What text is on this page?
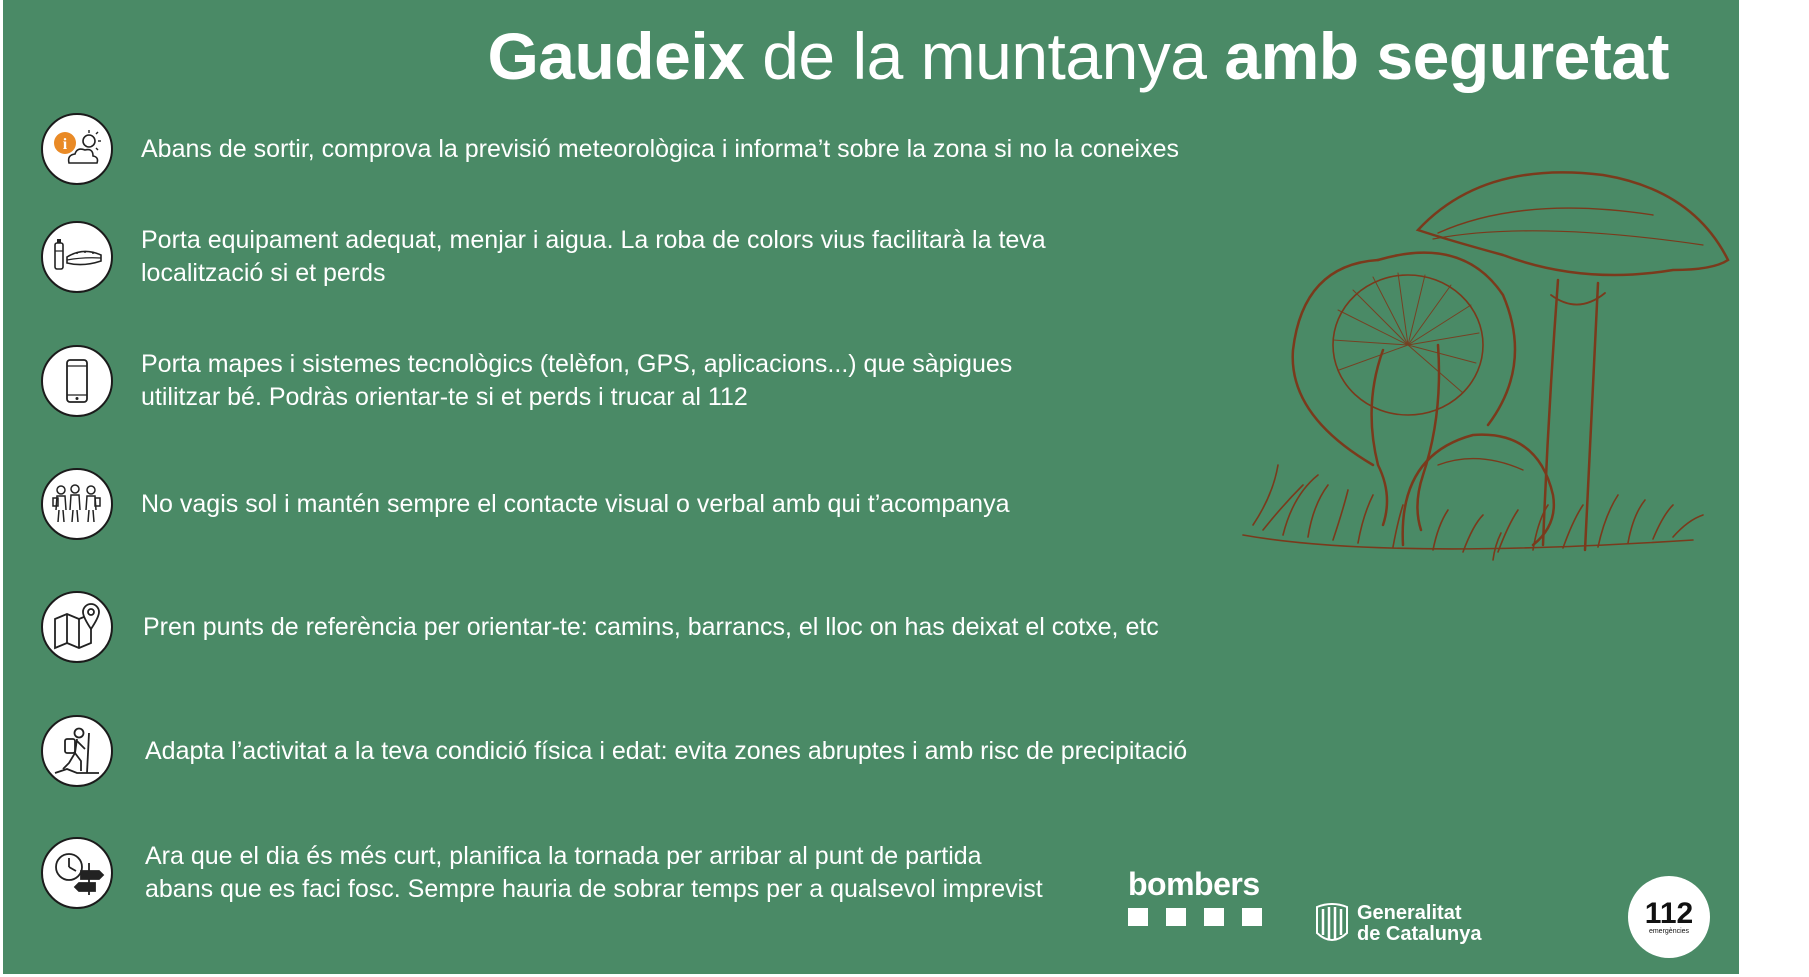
Gaudeix de la muntanya amb seguretat
i	Abans de sortir, comprova la previsió meteorològica i informa’t sobre la zona si no la coneixes
Porta equipament adequat, menjar i aigua. La roba de colors vius facilitarà la teva
localització si et perds
Porta mapes i sistemes tecnològics (telèfon, GPS, aplicacions...) que sàpigues
utilitzar bé. Podràs orientar-te si et perds i trucar al 112
No vagis sol i mantén sempre el contacte visual o verbal amb qui t’acompanya
Pren punts de referència per orientar-te: camins, barrancs, el lloc on has deixat el cotxe, etc
Adapta l’activitat a la teva condició física i edat: evita zones abruptes i amb risc de precipitació
Ara que el dia és més curt, planifica la tornada per arribar al punt de partida
abans que es faci fosc. Sempre hauria de sobrar temps per a qualsevol imprevist	bombers
Generalitat
de Catalunya
112
emergències
